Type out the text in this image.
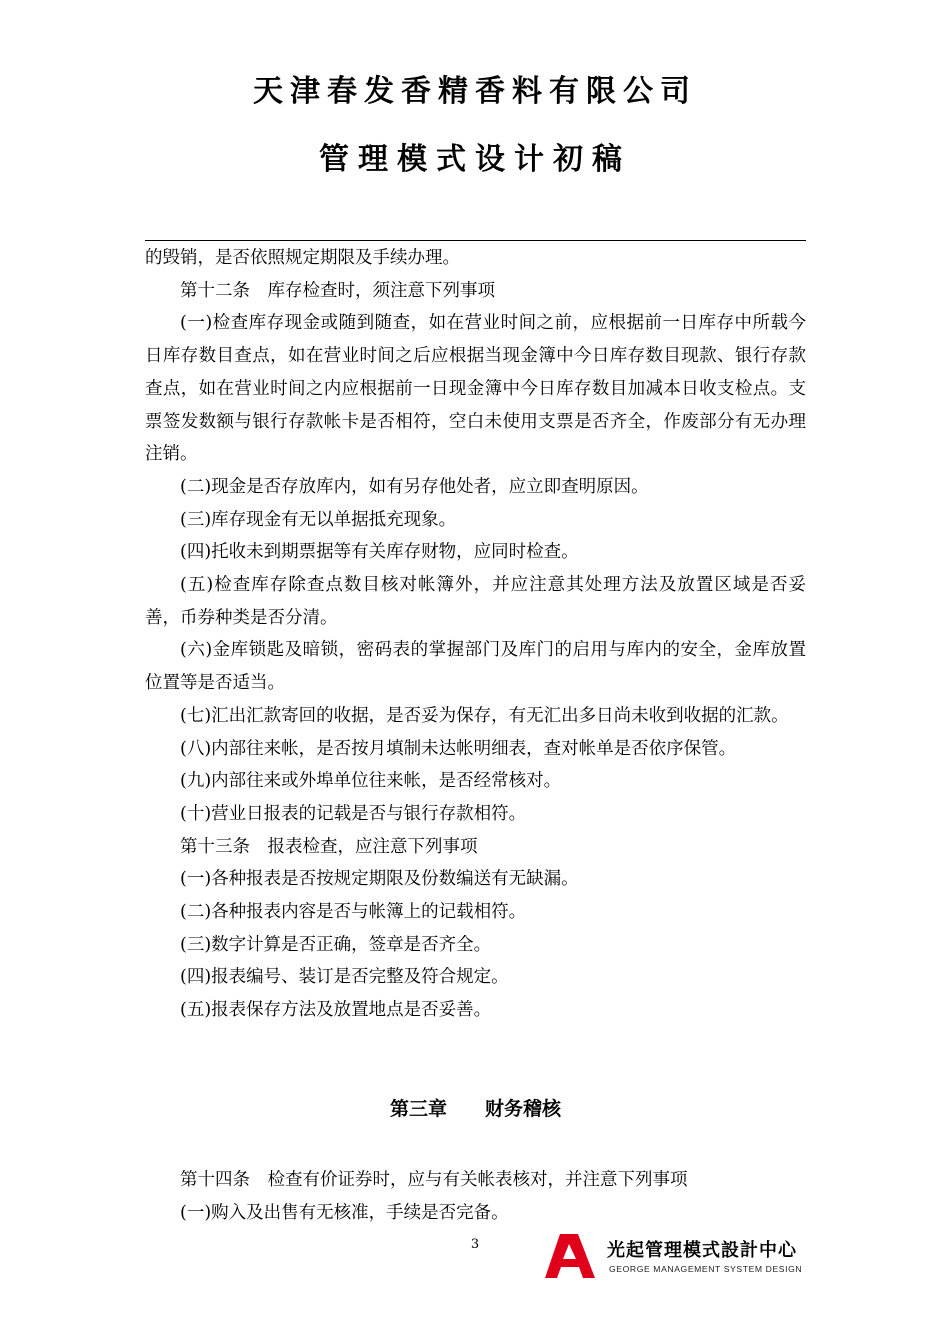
天津春发香精香料有限公司
管理模式设计初稿

的毁销，是否依照规定期限及手续办理。

第十二条　库存检查时，须注意下列事项

(一)检查库存现金或随到随查，如在营业时间之前，应根据前一日库存中所载今日库存数目查点，如在营业时间之后应根据当现金簿中今日库存数目现款、银行存款查点，如在营业时间之内应根据前一日现金簿中今日库存数目加减本日收支检点。支票签发数额与银行存款帐卡是否相符，空白未使用支票是否齐全，作废部分有无办理注销。

(二)现金是否存放库内，如有另存他处者，应立即查明原因。

(三)库存现金有无以单据抵充现象。

(四)托收未到期票据等有关库存财物，应同时检查。

(五)检查库存除查点数目核对帐簿外，并应注意其处理方法及放置区域是否妥善，币券种类是否分清。

(六)金库锁匙及暗锁，密码表的掌握部门及库门的启用与库内的安全，金库放置位置等是否适当。

(七)汇出汇款寄回的收据，是否妥为保存，有无汇出多日尚未收到收据的汇款。

(八)内部往来帐，是否按月填制未达帐明细表，查对帐单是否依序保管。

(九)内部往来或外埠单位往来帐，是否经常核对。

(十)营业日报表的记载是否与银行存款相符。

第十三条　报表检查，应注意下列事项

(一)各种报表是否按规定期限及份数编送有无缺漏。

(二)各种报表内容是否与帐簿上的记载相符。

(三)数字计算是否正确，签章是否齐全。

(四)报表编号、装订是否完整及符合规定。

(五)报表保存方法及放置地点是否妥善。

第三章　　财务稽核

第十四条　检查有价证券时，应与有关帐表核对，并注意下列事项

(一)购入及出售有无核准，手续是否完备。

3	光起管理模式設計中心
GEORGE MANAGEMENT SYSTEM DESIGN
